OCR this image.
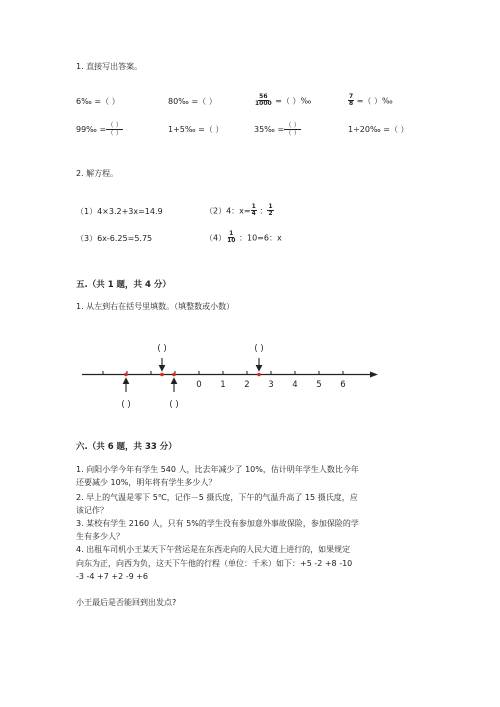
1. 直接写出答案。
6‰ =（ ）	80‰ =（ ）	$\frac{56}{1000}$ =（ ）‰	$\frac{7}{8}$ =（ ）‰
99‰ = $\frac{( )}{( )}$	1+5‰ =（ ）	35‰ = $\frac{( )}{( )}$	1÷20‰ =（ ）
2. 解方程。
（1）4×3.2+3x=14.9	（2）4：$x= \frac{1}{4}$ ： $\frac{1}{2}$
（3）6x-6.25=5.75	$(4) \frac{1}{10}$ ：10=6：x
五.（共 1 题，共 4 分）
1. 从左到右在括号里填数。（填整数或小数）
0 1 2 3 4 5 6
( )	( )
( )	( )
六.（共 6 题，共 33 分）
1. 向阳小学今年有学生 540 人，比去年减少了 10%，估计明年学生人数比今年
还要减少 10%，明年将有学生多少人？
2. 早上的气温是零下 5℃，记作－5 摄氏度，下午的气温升高了 15 摄氏度，应
该记作？
3. 某校有学生 2160 人，只有 5%的学生没有参加意外事故保险，参加保险的学
生有多少人？
4. 出租车司机小王某天下午营运是在东西走向的人民大道上进行的，如果规定
向东为正，向西为负，这天下午他的行程（单位：千米）如下：+5 -2 +8 -10
-3 -4 +7 +2 -9 +6
小王最后是否能回到出发点?
